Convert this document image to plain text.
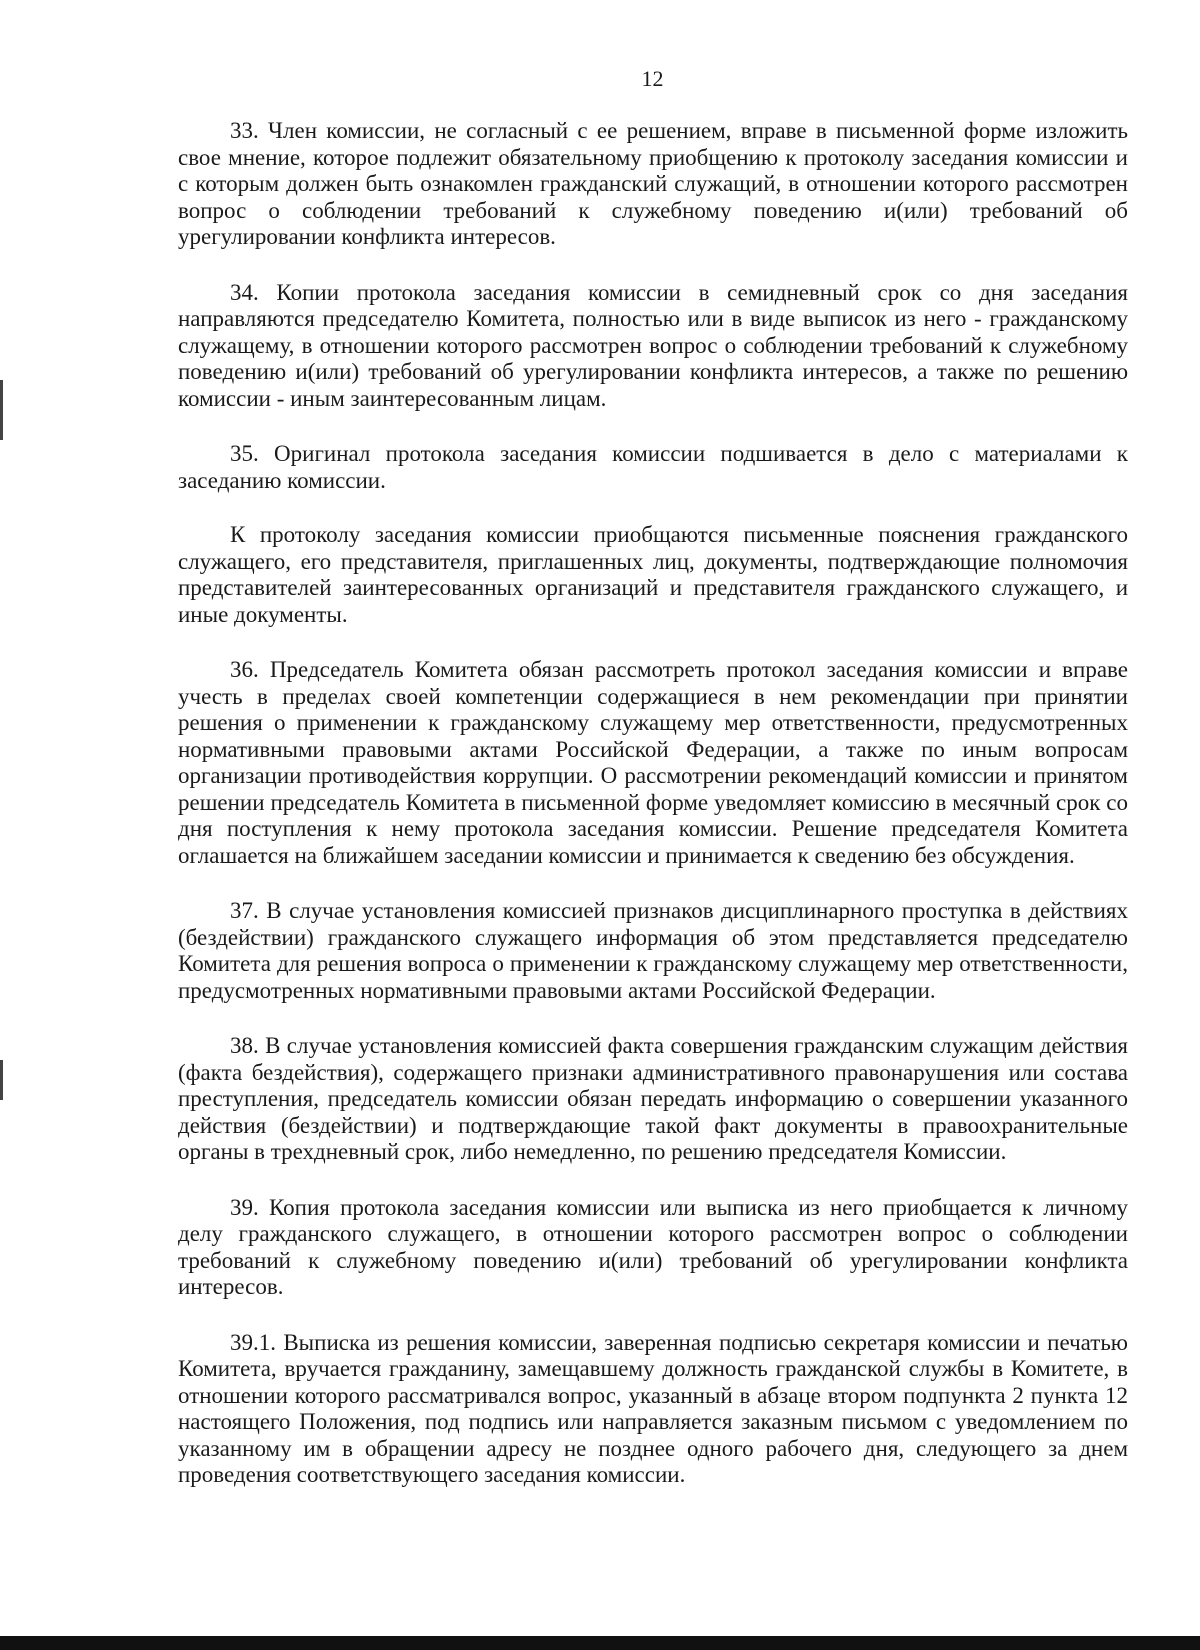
12

33. Член комиссии, не согласный с ее решением, вправе в письменной форме изложить свое мнение, которое подлежит обязательному приобщению к протоколу заседания комиссии и с которым должен быть ознакомлен гражданский служащий, в отношении которого рассмотрен вопрос о соблюдении требований к служебному поведению и(или) требований об урегулировании конфликта интересов.

34. Копии протокола заседания комиссии в семидневный срок со дня заседания направляются председателю Комитета, полностью или в виде выписок из него - гражданскому служащему, в отношении которого рассмотрен вопрос о соблюдении требований к служебному поведению и(или) требований об урегулировании конфликта интересов, а также по решению комиссии - иным заинтересованным лицам.

35. Оригинал протокола заседания комиссии подшивается в дело с материалами к заседанию комиссии.

К протоколу заседания комиссии приобщаются письменные пояснения гражданского служащего, его представителя, приглашенных лиц, документы, подтверждающие полномочия представителей заинтересованных организаций и представителя гражданского служащего, и иные документы.

36. Председатель Комитета обязан рассмотреть протокол заседания комиссии и вправе учесть в пределах своей компетенции содержащиеся в нем рекомендации при принятии решения о применении к гражданскому служащему мер ответственности, предусмотренных нормативными правовыми актами Российской Федерации, а также по иным вопросам организации противодействия коррупции. О рассмотрении рекомендаций комиссии и принятом решении председатель Комитета в письменной форме уведомляет комиссию в месячный срок со дня поступления к нему протокола заседания комиссии. Решение председателя Комитета оглашается на ближайшем заседании комиссии и принимается к сведению без обсуждения.

37. В случае установления комиссией признаков дисциплинарного проступка в действиях (бездействии) гражданского служащего информация об этом представляется председателю Комитета для решения вопроса о применении к гражданскому служащему мер ответственности, предусмотренных нормативными правовыми актами Российской Федерации.

38. В случае установления комиссией факта совершения гражданским служащим действия (факта бездействия), содержащего признаки административного правонарушения или состава преступления, председатель комиссии обязан передать информацию о совершении указанного действия (бездействии) и подтверждающие такой факт документы в правоохранительные органы в трехдневный срок, либо немедленно, по решению председателя Комиссии.

39. Копия протокола заседания комиссии или выписка из него приобщается к личному делу гражданского служащего, в отношении которого рассмотрен вопрос о соблюдении требований к служебному поведению и(или) требований об урегулировании конфликта интересов.

39.1. Выписка из решения комиссии, заверенная подписью секретаря комиссии и печатью Комитета, вручается гражданину, замещавшему должность гражданской службы в Комитете, в отношении которого рассматривался вопрос, указанный в абзаце втором подпункта 2 пункта 12 настоящего Положения, под подпись или направляется заказным письмом с уведомлением по указанному им в обращении адресу не позднее одного рабочего дня, следующего за днем проведения соответствующего заседания комиссии.
